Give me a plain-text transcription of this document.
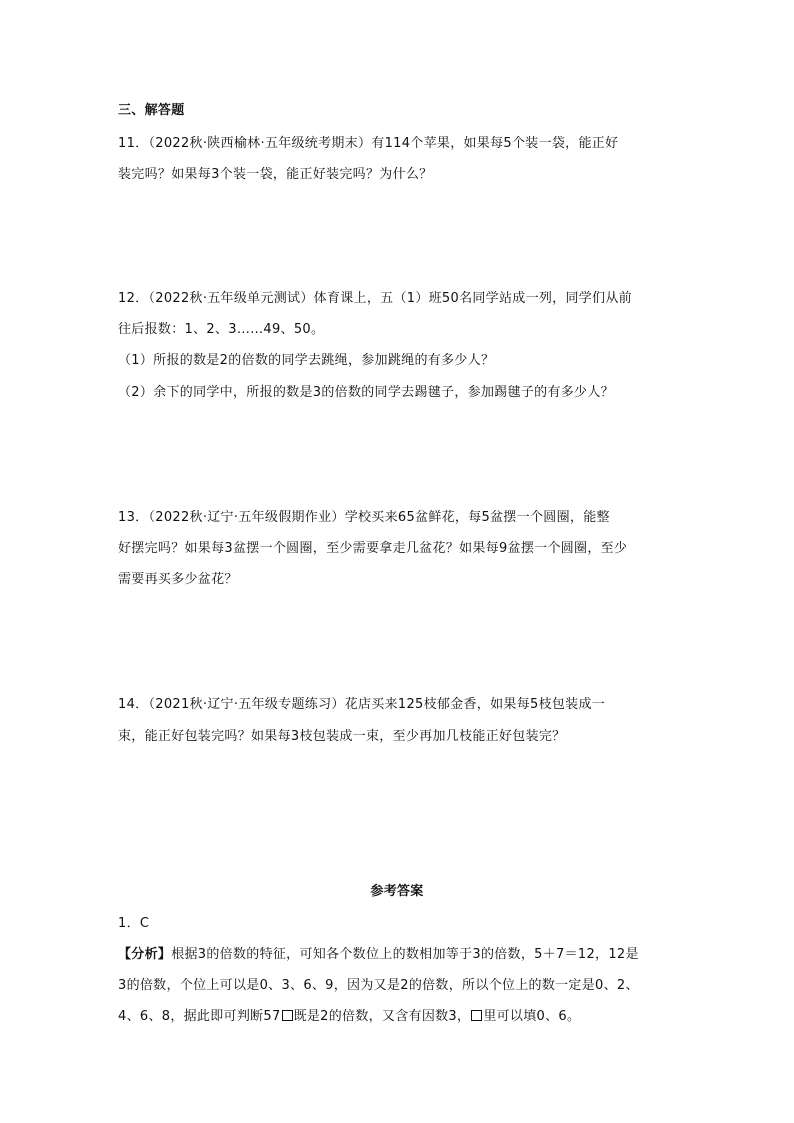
三、解答题
11．（2022秋·陕西榆林·五年级统考期末）有114个苹果，如果每5个装一袋，能正好
装完吗？如果每3个装一袋，能正好装完吗？为什么？
12．（2022秋·五年级单元测试）体育课上，五（1）班50名同学站成一列，同学们从前
往后报数：1、2、3……49、50。
（1）所报的数是2的倍数的同学去跳绳，参加跳绳的有多少人？
（2）余下的同学中，所报的数是3的倍数的同学去踢毽子，参加踢毽子的有多少人？
13．（2022秋·辽宁·五年级假期作业）学校买来65盆鲜花，每5盆摆一个圆圈，能整
好摆完吗？如果每3盆摆一个圆圈，至少需要拿走几盆花？如果每9盆摆一个圆圈，至少
需要再买多少盆花？
14．（2021秋·辽宁·五年级专题练习）花店买来125枝郁金香，如果每5枝包装成一
束，能正好包装完吗？如果每3枝包装成一束，至少再加几枝能正好包装完？
参考答案
1．C
【分析】根据3的倍数的特征，可知各个数位上的数相加等于3的倍数，5＋7＝12，12是
3的倍数，个位上可以是0、3、6、9，因为又是2的倍数，所以个位上的数一定是0、2、
4、6、8，据此即可判断57 既是2的倍数，又含有因数3， 里可以填0、6。
